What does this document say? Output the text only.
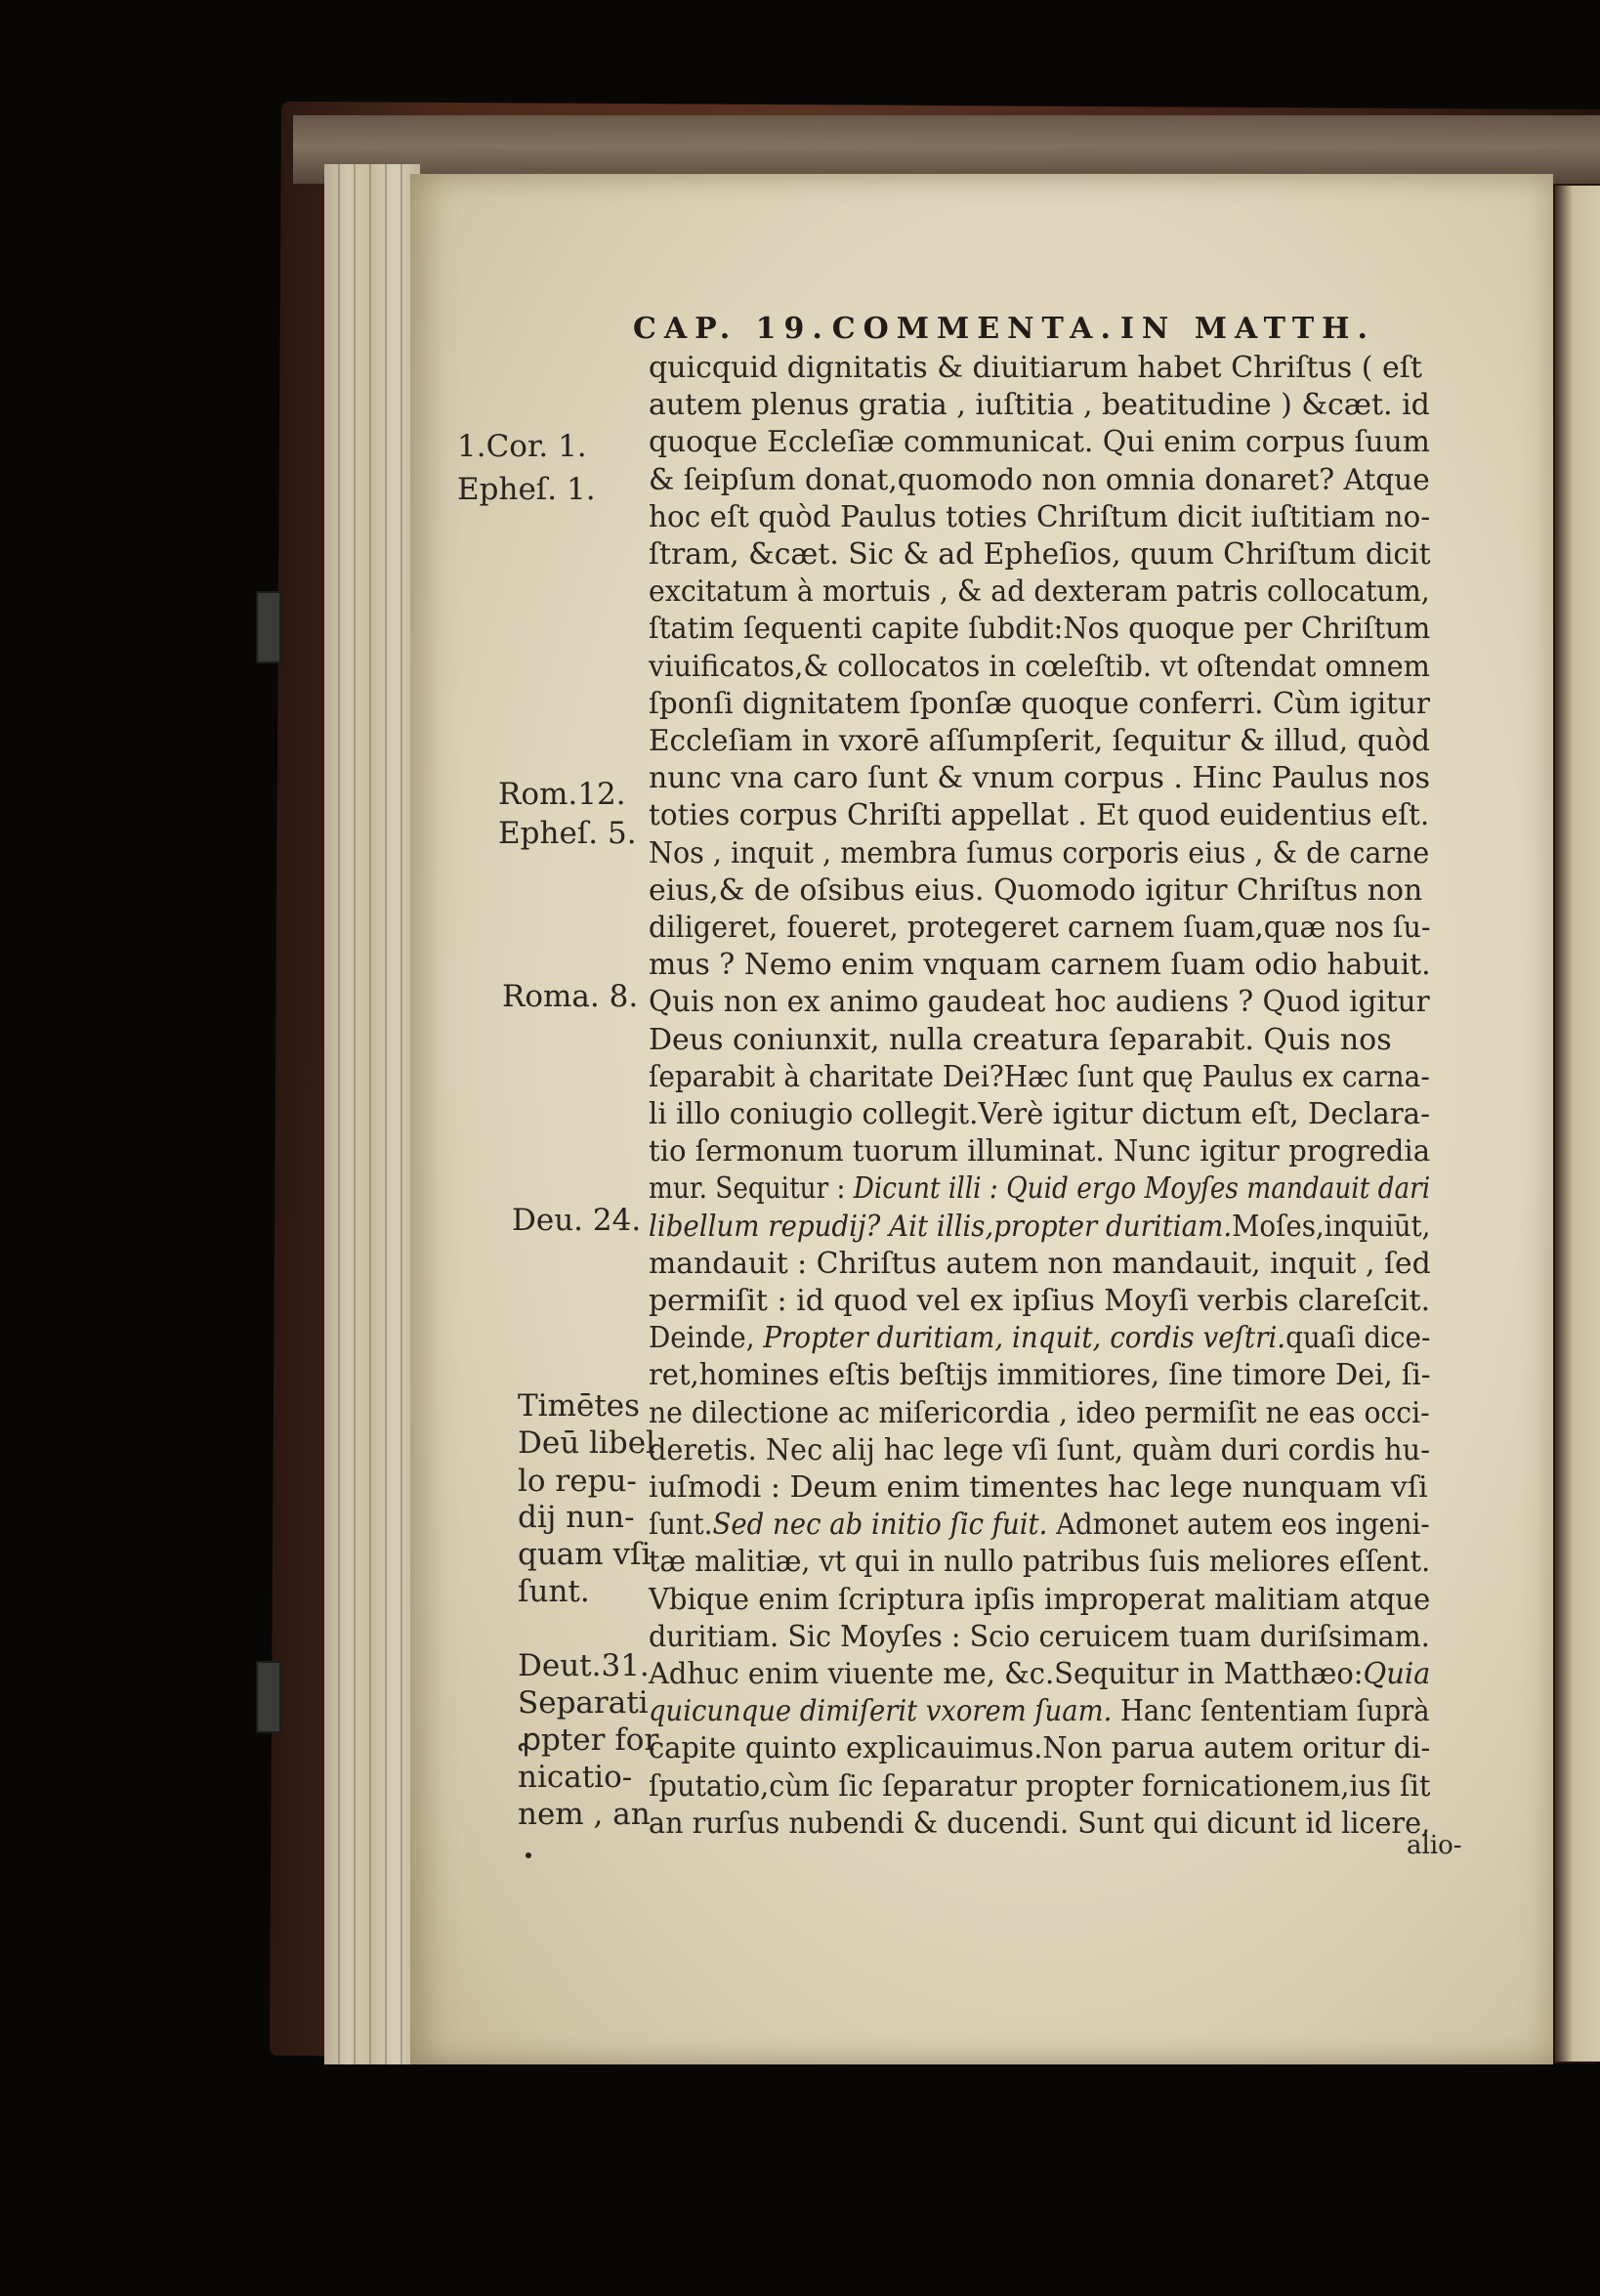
CAP. 19. COMMENTA. IN MATTH.
quicquid dignitatis & diuitiarum habet Chriſtus ( eſt
autem plenus gratia , iuſtitia , beatitudine ) &cæt. id
quoque Eccleſiæ communicat. Qui enim corpus ſuum
& ſeipſum donat,quomodo non omnia donaret? Atque
hoc eſt quòd Paulus toties Chriſtum dicit iuſtitiam no-
ſtram, &cæt. Sic & ad Epheſios, quum Chriſtum dicit
excitatum à mortuis , & ad dexteram patris collocatum,
ſtatim ſequenti capite ſubdit:Nos quoque per Chriſtum
viuificatos,& collocatos in cœleſtib. vt oſtendat omnem
ſponſi dignitatem ſponſæ quoque conferri. Cùm igitur
Eccleſiam in vxorē aſſumpſerit, ſequitur & illud, quòd
nunc vna caro ſunt & vnum corpus . Hinc Paulus nos
toties corpus Chriſti appellat . Et quod euidentius eſt.
Nos , inquit , membra ſumus corporis eius , & de carne
eius,& de oſsibus eius. Quomodo igitur Chriſtus non
diligeret, foueret, protegeret carnem ſuam,quæ nos ſu-
mus ? Nemo enim vnquam carnem ſuam odio habuit.
Quis non ex animo gaudeat hoc audiens ? Quod igitur
Deus coniunxit, nulla creatura ſeparabit. Quis nos
ſeparabit à charitate Dei?Hæc ſunt quę Paulus ex carna-
li illo coniugio collegit.Verè igitur dictum eſt, Declara-
tio ſermonum tuorum illuminat. Nunc igitur progredia
mur. Sequitur : Dicunt illi : Quid ergo Moyſes mandauit dari
libellum repudij? Ait illis,propter duritiam.Moſes,inquiūt,
mandauit : Chriſtus autem non mandauit, inquit , ſed
permiſit : id quod vel ex ipſius Moyſi verbis clareſcit.
Deinde, Propter duritiam, inquit, cordis veſtri.quaſi dice-
ret,homines eſtis beſtijs immitiores, ſine timore Dei, ſi-
ne dilectione ac miſericordia , ideo permiſit ne eas occi-
deretis. Nec alij hac lege vſi ſunt, quàm duri cordis hu-
iuſmodi : Deum enim timentes hac lege nunquam vſi
ſunt.Sed nec ab initio ſic fuit. Admonet autem eos ingeni-
tæ malitiæ, vt qui in nullo patribus ſuis meliores eſſent.
Vbique enim ſcriptura ipſis improperat malitiam atque
duritiam. Sic Moyſes : Scio ceruicem tuam duriſsimam.
Adhuc enim viuente me, &c.Sequitur in Matthæo:Quia
quicunque dimiſerit vxorem ſuam. Hanc ſententiam ſuprà
capite quinto explicauimus.Non parua autem oritur di-
ſputatio,cùm ſic ſeparatur propter fornicationem,ius ſit
an rurſus nubendi & ducendi. Sunt qui dicunt id licere,
1.Cor. 1.
Epheſ. 1.
Rom.12.
Epheſ. 5.
Roma. 8.
Deu. 24.
Timētes
Deū libel
lo repu-
dij nun-
quam vſi
ſunt.
Deut.31.
Separati
ꝓpter for
nicatio-
nem , an
alio-
